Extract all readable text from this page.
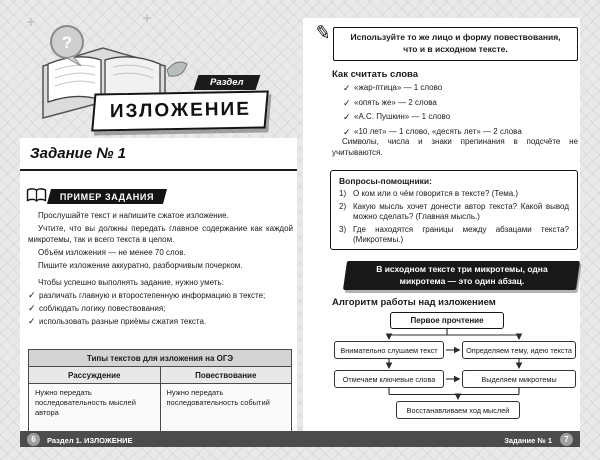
?
Раздел
ИЗЛОЖЕНИЕ
Задание № 1
ПРИМЕР ЗАДАНИЯ

Прослушайте текст и напишите сжатое изложение.

Учтите, что вы должны передать главное содержание как каждой микротемы, так и всего текста в целом.

Объём изложения — не менее 70 слов.

Пишите изложение аккуратно, разборчивым почерком.

Чтобы успешно выполнять задание, нужно уметь:

✓ различать главную и второстепенную информацию в тексте;
✓ соблюдать логику повествования;
✓ использовать разные приёмы сжатия текста.
Типы текстов для изложения на ОГЭ	
Рассуждение	Повествование
Нужно передать последовательность мыслей автора	Нужно передать последовательность событий
✎	Используйте то же лицо и форму повествования, что и в исходном тексте.
Как считать слова
✓ «жар-птица» — 1 слово
✓ «опять же» — 2 слова
✓ «А.С. Пушкин» — 1 слово
✓ «10 лет» — 1 слово, «десять лет» — 2 слова
Символы, числа и знаки препинания в подсчёте не учитываются.
Вопросы-помощники:
1) О ком или о чём говорится в тексте? (Тема.)
2) Какую мысль хочет донести автор текста? Какой вывод можно сделать? (Главная мысль.)
3) Где находятся границы между абзацами текста? (Микротемы.)
В исходном тексте три микротемы, одна микротема — это один абзац.
Алгоритм работы над изложением
Первое прочтение
Внимательно слушаем текст	Определяем тему, идею текста
Отмечаем ключевые слова	Выделяем микротемы
Восстанавливаем ход мыслей
6	Раздел 1. ИЗЛОЖЕНИЕ	Задание № 1	7
